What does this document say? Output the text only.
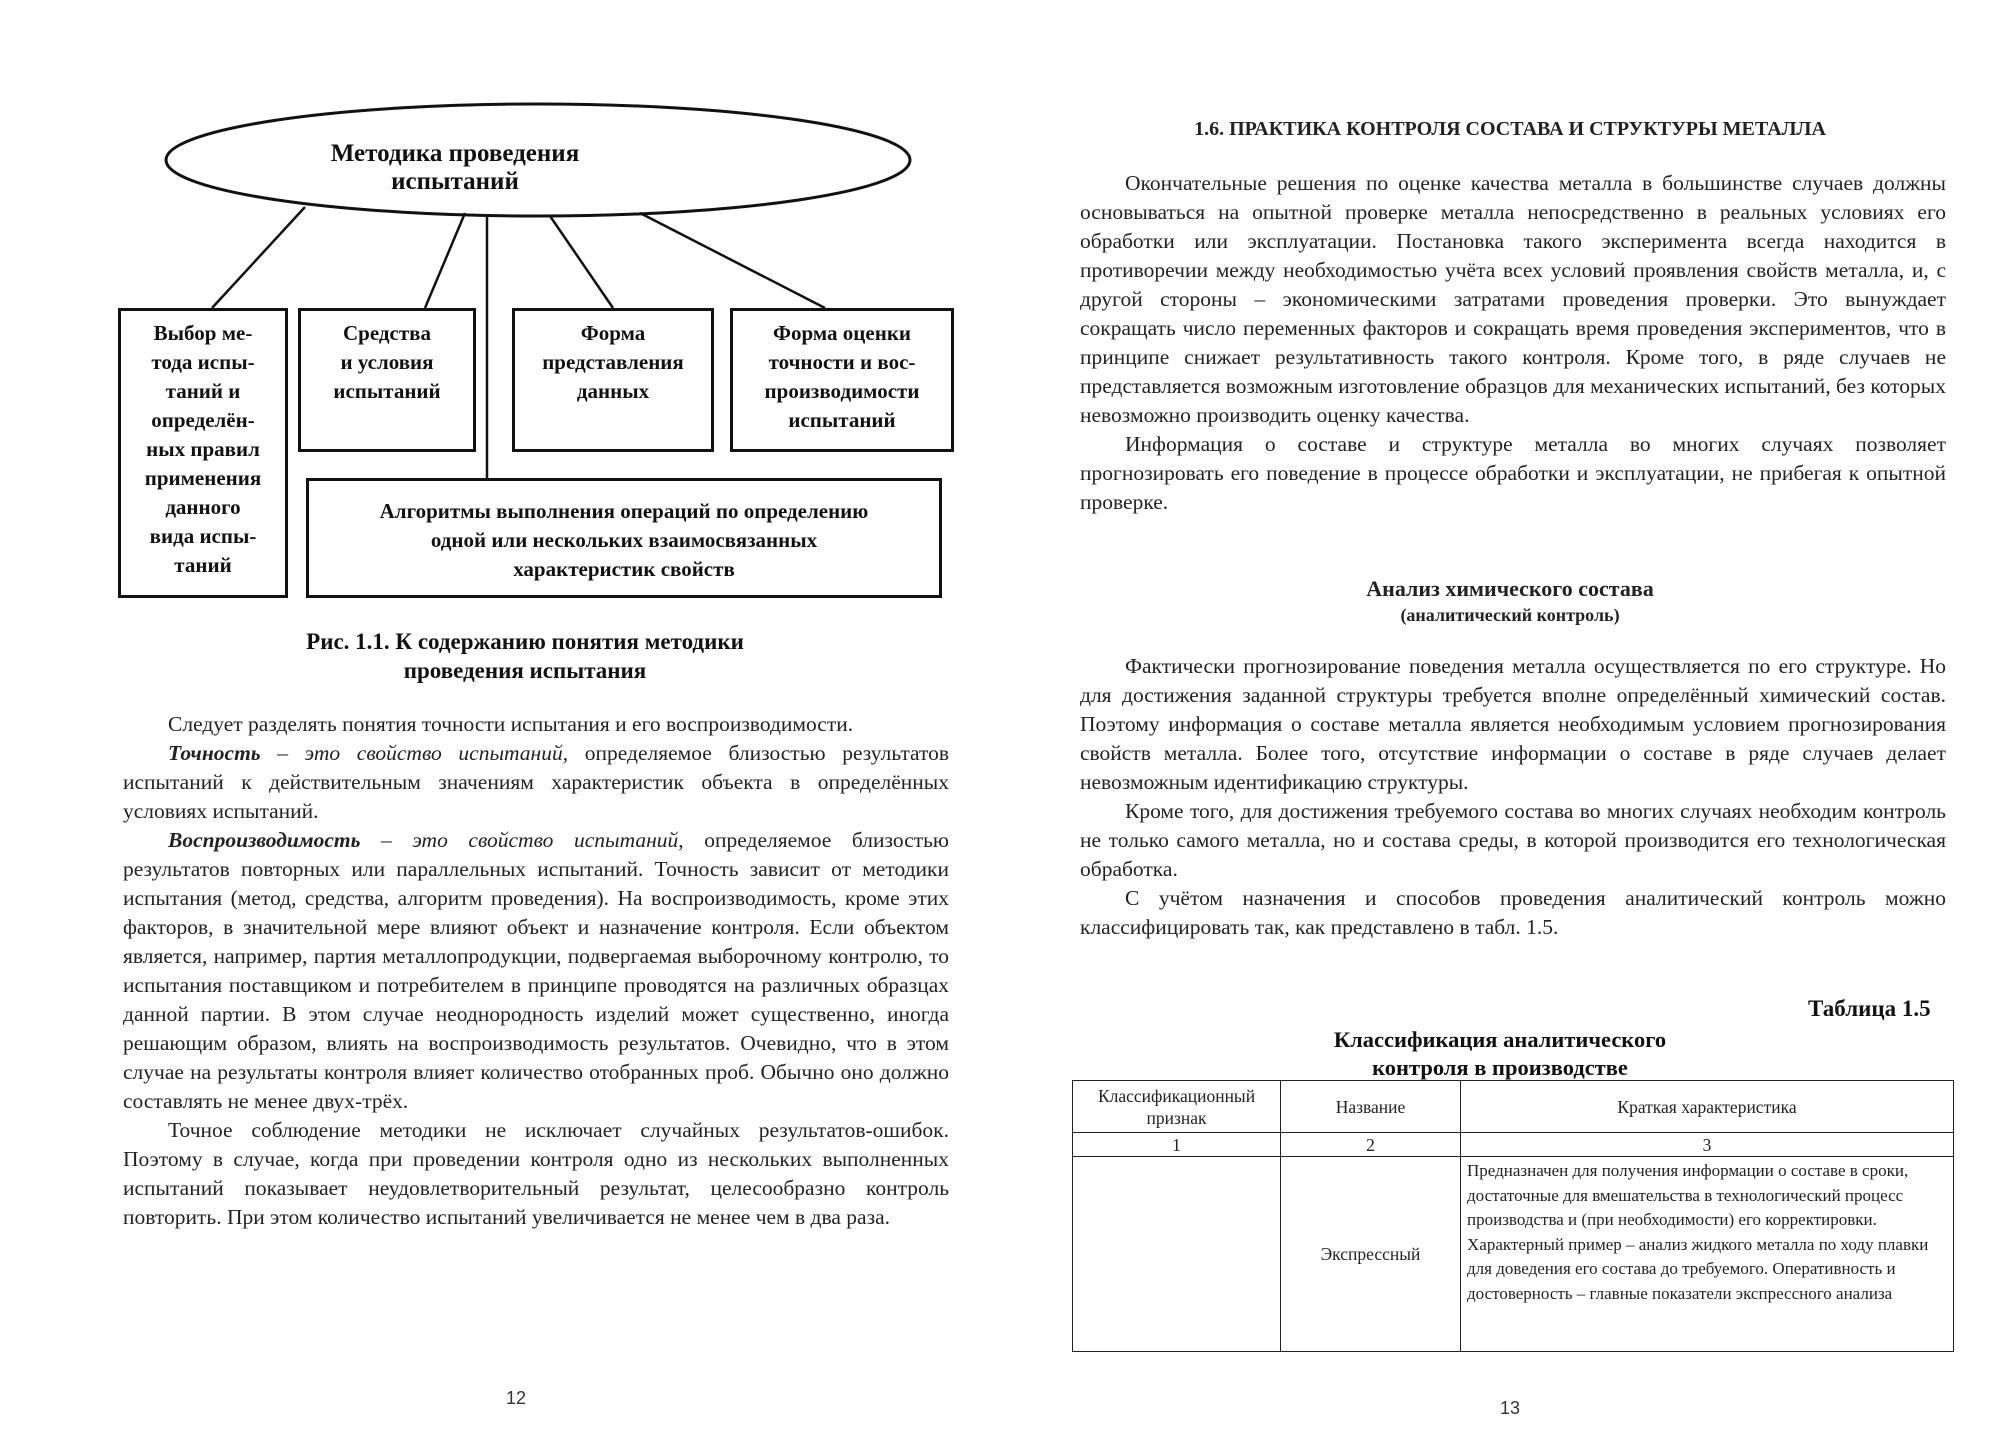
Методика проведения испытаний
Выбор ме-
тода испы-
таний и
определён-
ных правил
применения
данного
вида испы-
таний
Средства
и условия
испытаний
Форма
представления
данных
Форма оценки
точности и вос-
производимости
испытаний
Алгоритмы выполнения операций по определению
одной или нескольких взаимосвязанных
характеристик свойств
Рис. 1.1. К содержанию понятия методики
проведения испытания

Следует разделять понятия точности испытания и его воспроизводимости.

Точность – это свойство испытаний, определяемое близостью результатов испытаний к действительным значениям характеристик объекта в определённых условиях испытаний.

Воспроизводимость – это свойство испытаний, определяемое близостью результатов повторных или параллельных испытаний. Точность зависит от методики испытания (метод, средства, алгоритм проведения). На воспроизводимость, кроме этих факторов, в значительной мере влияют объект и назначение контроля. Если объектом является, например, партия металлопродукции, подвергаемая выборочному контролю, то испытания поставщиком и потребителем в принципе проводятся на различных образцах данной партии. В этом случае неоднородность изделий может существенно, иногда решающим образом, влиять на воспроизводимость результатов. Очевидно, что в этом случае на результаты контроля влияет количество отобранных проб. Обычно оно должно составлять не менее двух-трёх.

Точное соблюдение методики не исключает случайных результатов-ошибок. Поэтому в случае, когда при проведении контроля одно из нескольких выполненных испытаний показывает неудовлетворительный результат, целесообразно контроль повторить. При этом количество испытаний увеличивается не менее чем в два раза.

12
1.6. ПРАКТИКА КОНТРОЛЯ СОСТАВА И СТРУКТУРЫ МЕТАЛЛА

Окончательные решения по оценке качества металла в большинстве случаев должны основываться на опытной проверке металла непосредственно в реальных условиях его обработки или эксплуатации. Постановка такого эксперимента всегда находится в противоречии между необходимостью учёта всех условий проявления свойств металла, и, с другой стороны – экономическими затратами проведения проверки. Это вынуждает сокращать число переменных факторов и сокращать время проведения экспериментов, что в принципе снижает результативность такого контроля. Кроме того, в ряде случаев не представляется возможным изготовление образцов для механических испытаний, без которых невозможно производить оценку качества.

Информация о составе и структуре металла во многих случаях позволяет прогнозировать его поведение в процессе обработки и эксплуатации, не прибегая к опытной проверке.

Анализ химического состава
(аналитический контроль)

Фактически прогнозирование поведения металла осуществляется по его структуре. Но для достижения заданной структуры требуется вполне определённый химический состав. Поэтому информация о составе металла является необходимым условием прогнозирования свойств металла. Более того, отсутствие информации о составе в ряде случаев делает невозможным идентификацию структуры.

Кроме того, для достижения требуемого состава во многих случаях необходим контроль не только самого металла, но и состава среды, в которой производится его технологическая обработка.

С учётом назначения и способов проведения аналитический контроль можно классифицировать так, как представлено в табл. 1.5.

Таблица 1.5
Классификация аналитического
контроля в производстве
Классификационный признак	Название	Краткая характеристика
1	2	3
	Экспрессный	Предназначен для получения информации о составе в сроки, достаточные для вмешательства в технологический процесс производства и (при необходимости) его корректировки. Характерный пример – анализ жидкого металла по ходу плавки для доведения его состава до требуемого. Оперативность и достоверность – главные показатели экспрессного анализа
13
